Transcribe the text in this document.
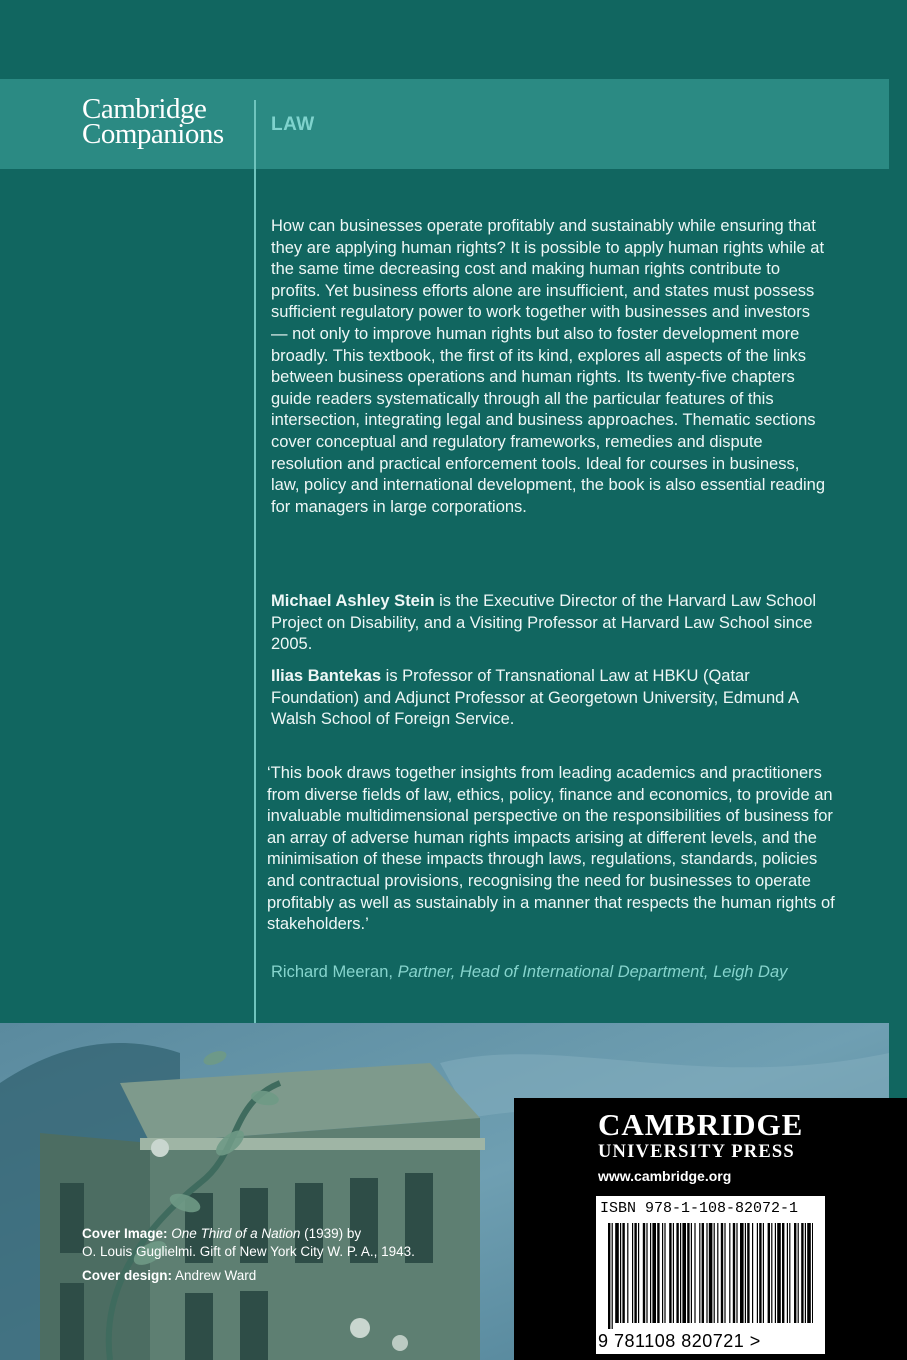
Cambridge
Companions LAW

How can businesses operate profitably and sustainably while ensuring that they are applying human rights? It is possible to apply human rights while at the same time decreasing cost and making human rights contribute to profits. Yet business efforts alone are insufficient, and states must possess sufficient regulatory power to work together with businesses and investors — not only to improve human rights but also to foster development more broadly. This textbook, the first of its kind, explores all aspects of the links between business operations and human rights. Its twenty-five chapters guide readers systematically through all the particular features of this intersection, integrating legal and business approaches. Thematic sections cover conceptual and regulatory frameworks, remedies and dispute resolution and practical enforcement tools. Ideal for courses in business, law, policy and international development, the book is also essential reading for managers in large corporations.

Michael Ashley Stein is the Executive Director of the Harvard Law School Project on Disability, and a Visiting Professor at Harvard Law School since 2005.

Ilias Bantekas is Professor of Transnational Law at HBKU (Qatar Foundation) and Adjunct Professor at Georgetown University, Edmund A Walsh School of Foreign Service.

‘This book draws together insights from leading academics and practitioners from diverse fields of law, ethics, policy, finance and economics, to provide an invaluable multidimensional perspective on the responsibilities of business for an array of adverse human rights impacts arising at different levels, and the minimisation of these impacts through laws, regulations, standards, policies and contractual provisions, recognising the need for businesses to operate profitably as well as sustainably in a manner that respects the human rights of stakeholders.’

Richard Meeran, Partner, Head of International Department, Leigh Day

Cover Image: One Third of a Nation (1939) by

O. Louis Guglielmi. Gift of New York City W. P. A., 1943.

Cover design: Andrew Ward

CAMBRIDGE
UNIVERSITY PRESS
www.cambridge.org
ISBN 978-1-108-82072-1
9 781108 820721 >
